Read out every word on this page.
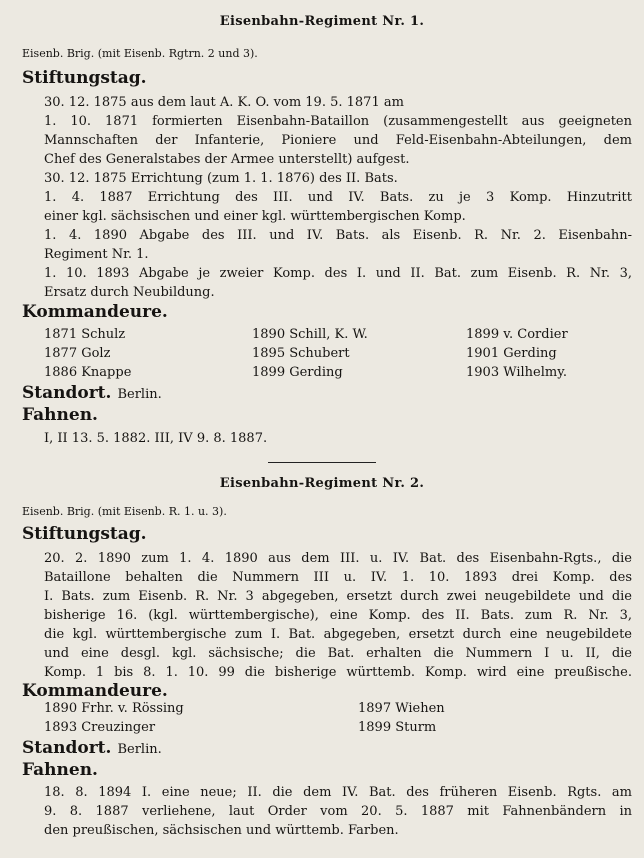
Eisenbahn-Regiment Nr. 1.
Eisenb. Brig. (mit Eisenb. Rgtrn. 2 und 3).
Stiftungstag.
30. 12. 1875 aus dem laut A. K. O. vom 19. 5. 1871 am
1. 10. 1871 formierten Eisenbahn-Bataillon (zusammengestellt aus geeigneten
Mannschaften der Infanterie, Pioniere und Feld-Eisenbahn-Abteilungen, dem
Chef des Generalstabes der Armee unterstellt) aufgest.
30. 12. 1875 Errichtung (zum 1. 1. 1876) des II. Bats.
1. 4. 1887 Errichtung des III. und IV. Bats. zu je 3 Komp. Hinzutritt
einer kgl. sächsischen und einer kgl. württembergischen Komp.
1. 4. 1890 Abgabe des III. und IV. Bats. als Eisenb. R. Nr. 2. Eisenbahn-
Regiment Nr. 1.
1. 10. 1893 Abgabe je zweier Komp. des I. und II. Bat. zum Eisenb. R. Nr. 3,
Ersatz durch Neubildung.
Kommandeure.
1871 Schulz	1890 Schill, K. W.	1899 v. Cordier
1877 Golz	1895 Schubert	1901 Gerding
1886 Knappe	1899 Gerding	1903 Wilhelmy.
Standort. Berlin.
Fahnen.
I, II 13. 5. 1882. III, IV 9. 8. 1887.
Eisenbahn-Regiment Nr. 2.
Eisenb. Brig. (mit Eisenb. R. 1. u. 3).
Stiftungstag.
20. 2. 1890 zum 1. 4. 1890 aus dem III. u. IV. Bat. des Eisenbahn-Rgts., die
Bataillone behalten die Nummern III u. IV. 1. 10. 1893 drei Komp. des
I. Bats. zum Eisenb. R. Nr. 3 abgegeben, ersetzt durch zwei neugebildete und die
bisherige 16. (kgl. württembergische), eine Komp. des II. Bats. zum R. Nr. 3,
die kgl. württembergische zum I. Bat. abgegeben, ersetzt durch eine neugebildete
und eine desgl. kgl. sächsische; die Bat. erhalten die Nummern I u. II, die
Komp. 1 bis 8. 1. 10. 99 die bisherige württemb. Komp. wird eine preußische.
Kommandeure.
1890 Frhr. v. Rössing	1897 Wiehen
1893 Creuzinger	1899 Sturm
Standort. Berlin.
Fahnen.
18. 8. 1894 I. eine neue; II. die dem IV. Bat. des früheren Eisenb. Rgts. am
9. 8. 1887 verliehene, laut Order vom 20. 5. 1887 mit Fahnenbändern in
den preußischen, sächsischen und württemb. Farben.
